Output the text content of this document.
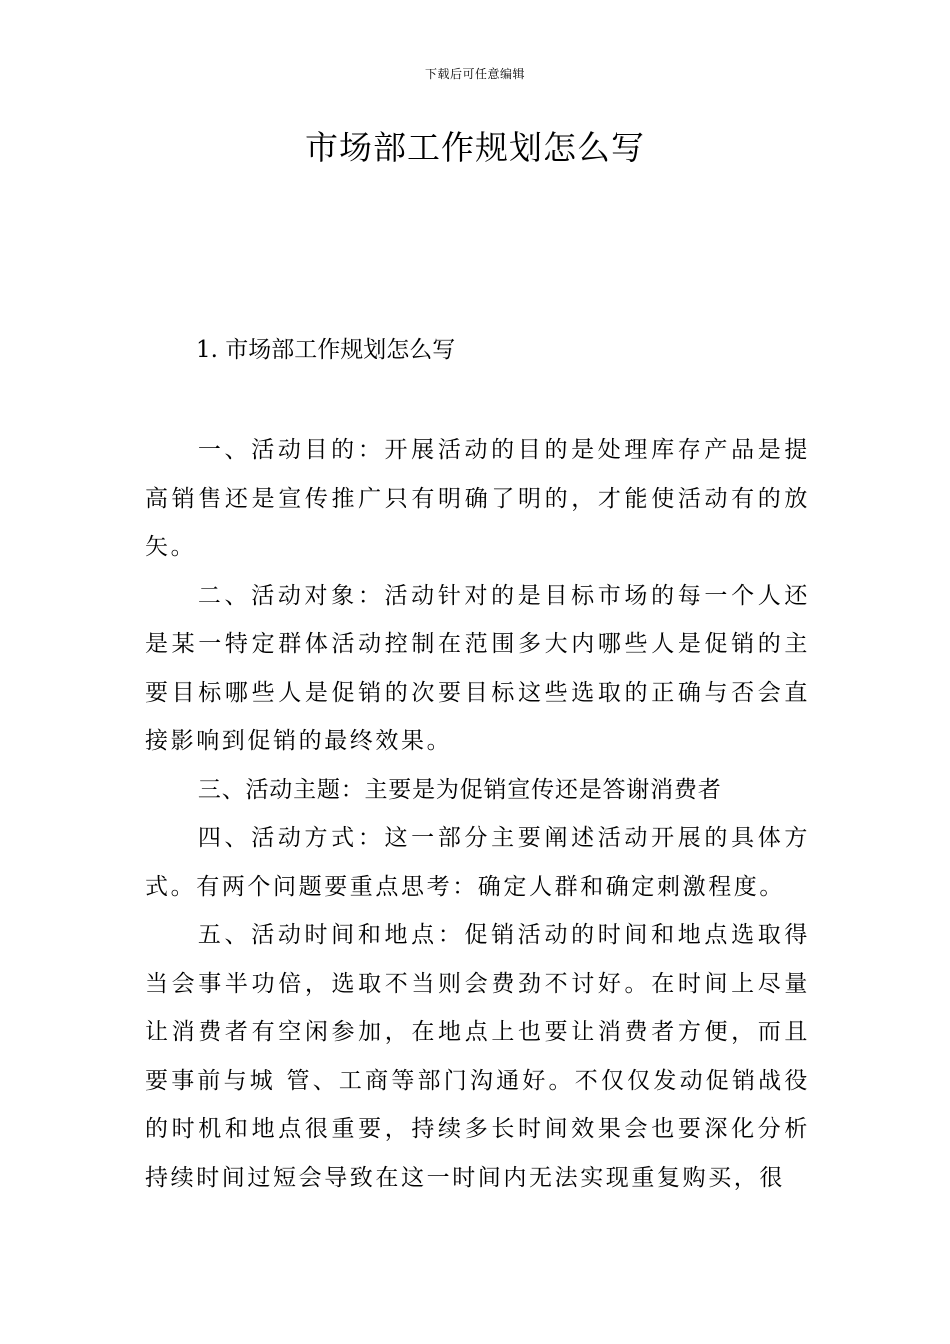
下载后可任意编辑
市场部工作规划怎么写
1. 市场部工作规划怎么写

一、活动目的：开展活动的目的是处理库存产品是提高销售还是宣传推广只有明确了明的，才能使活动有的放矢。

二、活动对象：活动针对的是目标市场的每一个人还是某一特定群体活动控制在范围多大内哪些人是促销的主要目标哪些人是促销的次要目标这些选取的正确与否会直接影响到促销的最终效果。

三、活动主题：主要是为促销宣传还是答谢消费者

四、活动方式：这一部分主要阐述活动开展的具体方式。有两个问题要重点思考：确定人群和确定刺激程度。

五、活动时间和地点：促销活动的时间和地点选取得当会事半功倍，选取不当则会费劲不讨好。在时间上尽量让消费者有空闲参加，在地点上也要让消费者方便，而且要事前与城 管、工商等部门沟通好。不仅仅发动促销战役的时机和地点很重要，持续多长时间效果会也要深化分析持续时间过短会导致在这一时间内无法实现重复购买，很
